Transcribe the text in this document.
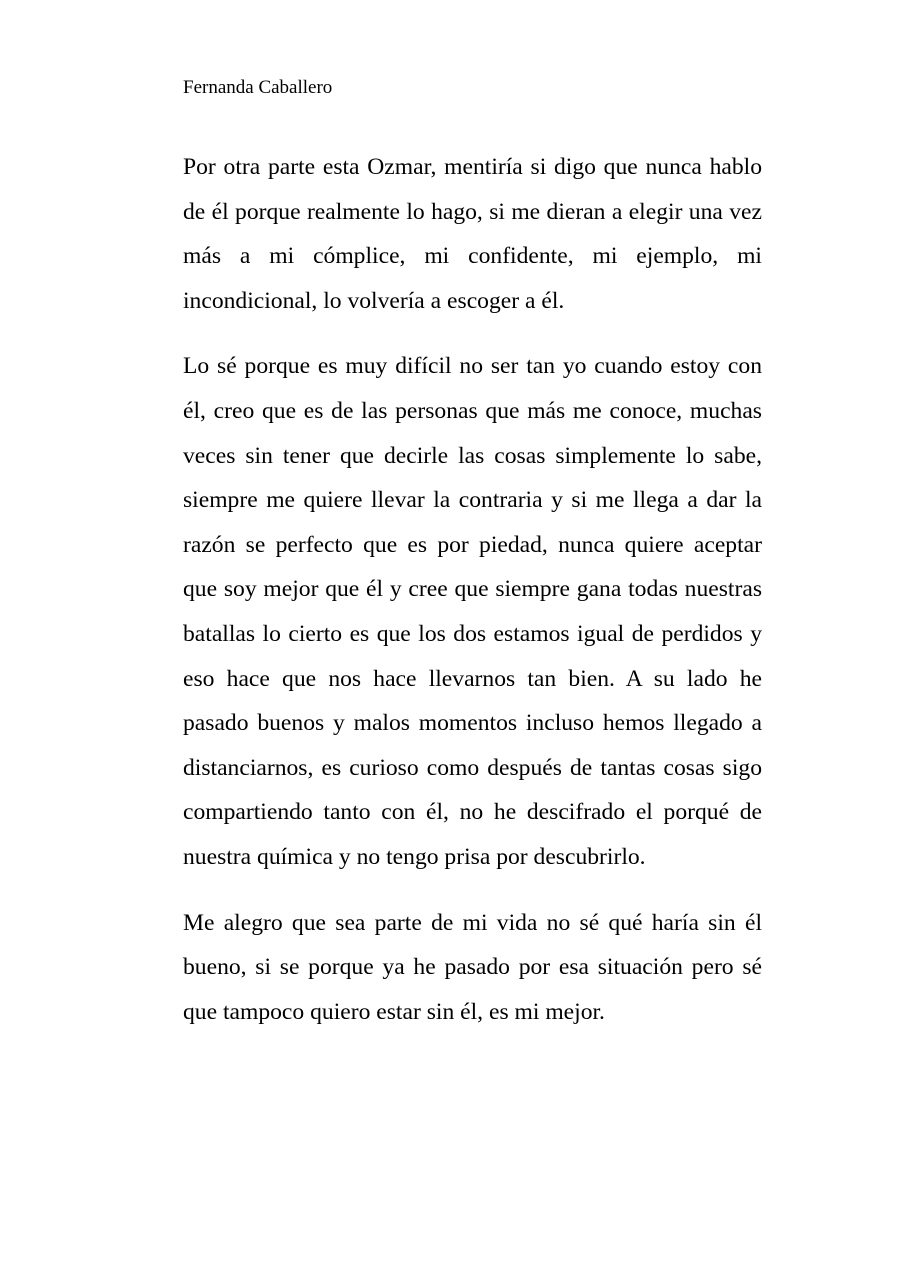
Fernanda Caballero

Por otra parte esta Ozmar, mentiría si digo que nunca hablo de él porque realmente lo hago, si me dieran a elegir una vez más a mi cómplice, mi confidente, mi ejemplo, mi incondicional, lo volvería a escoger a él.

Lo sé porque es muy difícil no ser tan yo cuando estoy con él, creo que es de las personas que más me conoce, muchas veces sin tener que decirle las cosas simplemente lo sabe, siempre me quiere llevar la contraria y si me llega a dar la razón se perfecto que es por piedad, nunca quiere aceptar que soy mejor que él y cree que siempre gana todas nuestras batallas lo cierto es que los dos estamos igual de perdidos y eso hace que nos hace llevarnos tan bien. A su lado he pasado buenos y malos momentos incluso hemos llegado a distanciarnos, es curioso como después de tantas cosas sigo compartiendo tanto con él, no he descifrado el porqué de nuestra química y no tengo prisa por descubrirlo.

Me alegro que sea parte de mi vida no sé qué haría sin él bueno, si se porque ya he pasado por esa situación pero sé que tampoco quiero estar sin él, es mi mejor.
